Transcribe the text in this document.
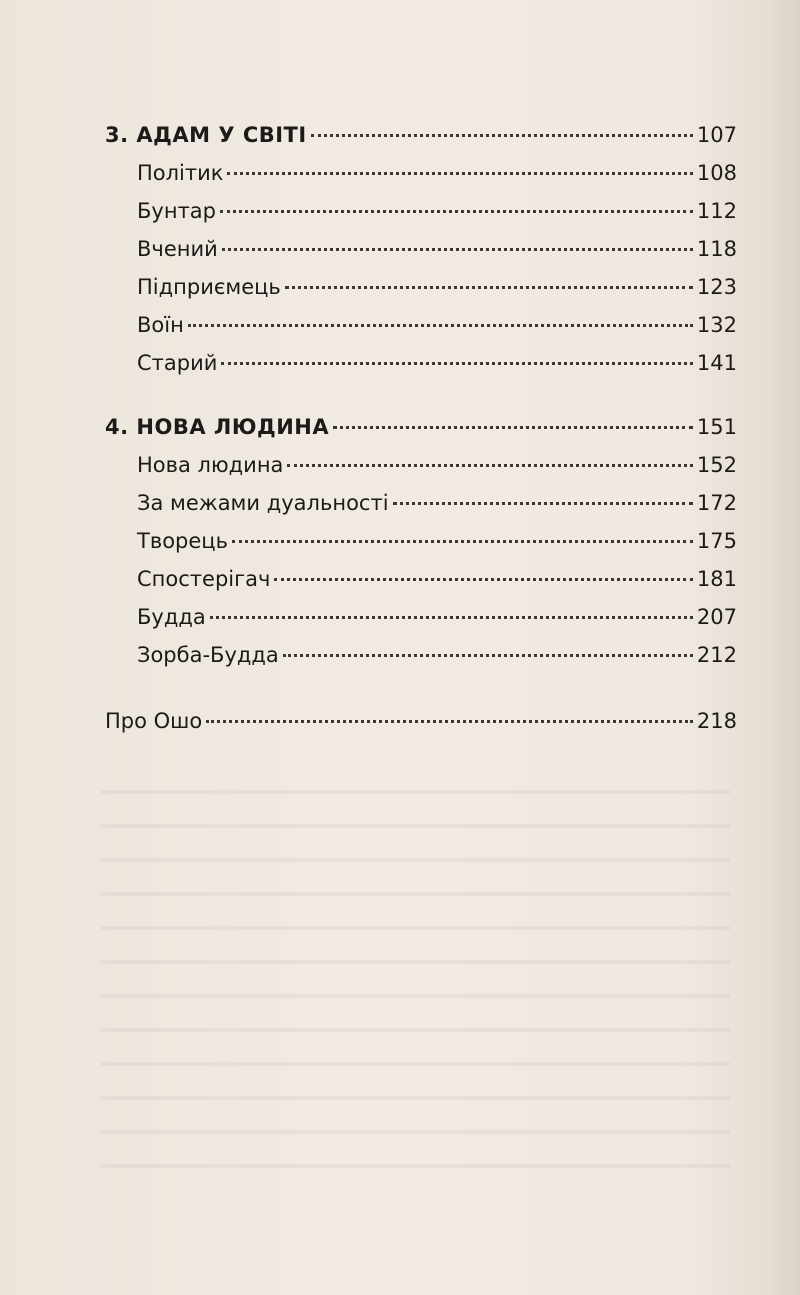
3. АДАМ У СВІТІ	107
Політик	108
Бунтар	112
Вчений	118
Підприємець	123
Воїн	132
Старий	141
4. НОВА ЛЮДИНА	151
Нова людина	152
За межами дуальності	172
Творець	175
Спостерігач	181
Будда	207
Зорба-Будда	212
Про Ошо	218
